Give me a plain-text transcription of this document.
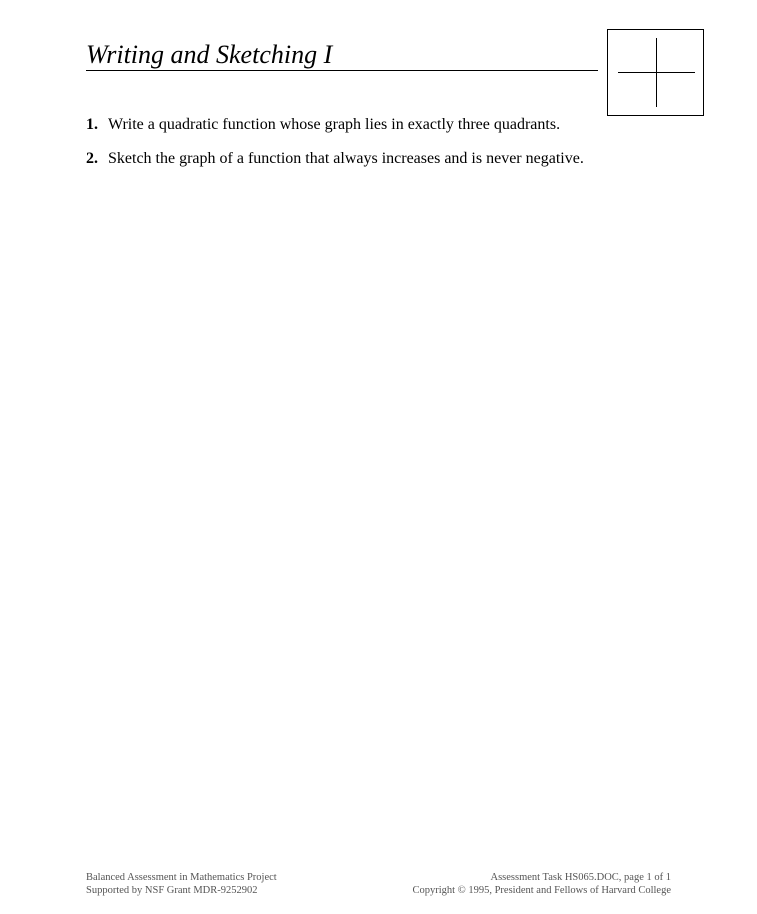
Writing and Sketching I
1. Write a quadratic function whose graph lies in exactly three quadrants.
2. Sketch the graph of a function that always increases and is never negative.
Balanced Assessment in Mathematics Project
Supported by NSF Grant MDR-9252902
Assessment Task HS065.DOC, page 1 of 1
Copyright © 1995, President and Fellows of Harvard College
